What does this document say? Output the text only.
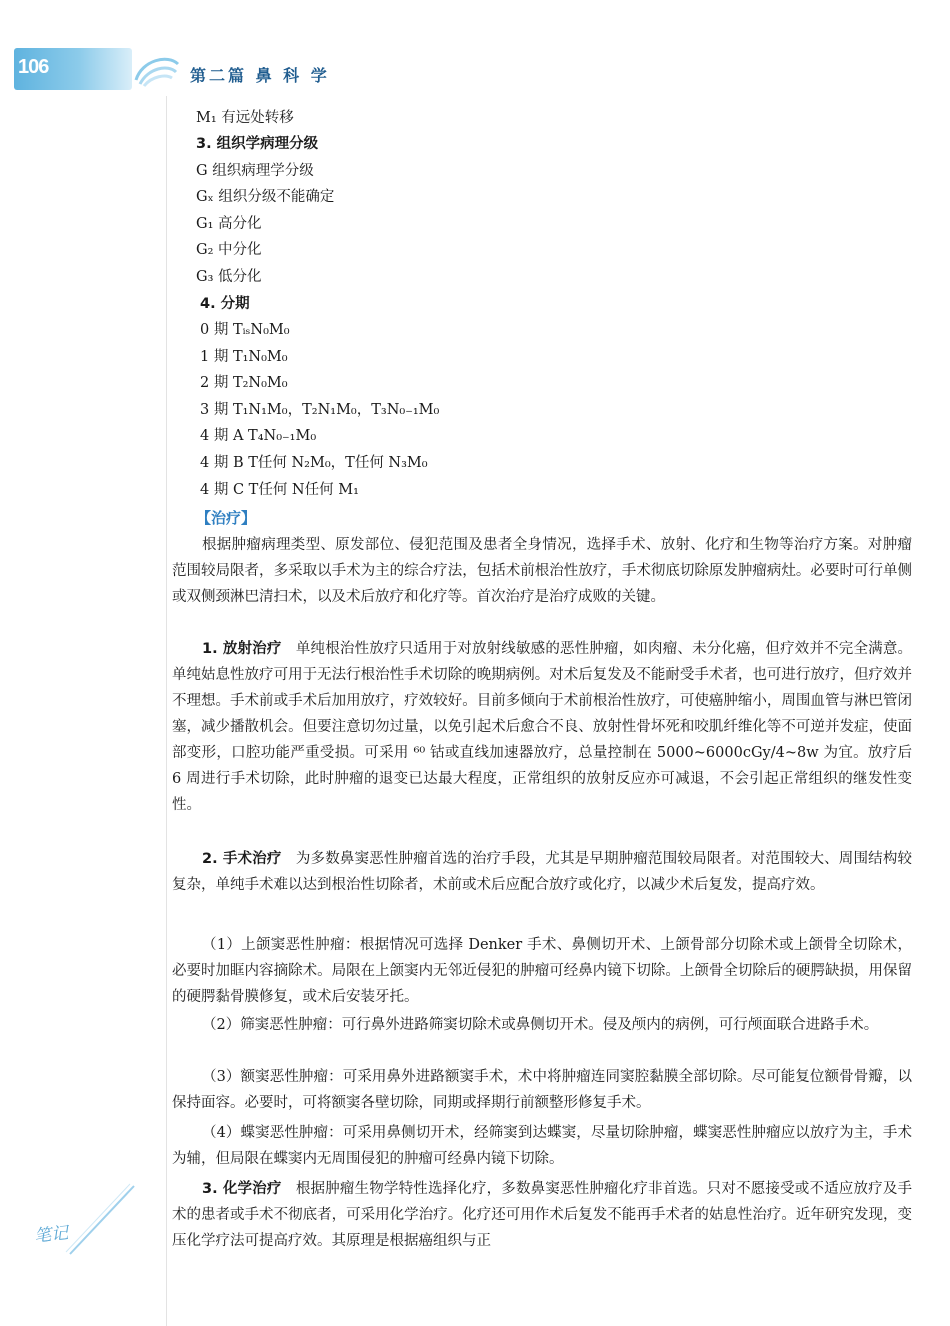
106	第二篇 鼻 科 学
M₁ 有远处转移
3. 组织学病理分级
G 组织病理学分级
Gₓ 组织分级不能确定
G₁ 高分化
G₂ 中分化
G₃ 低分化
4. 分期
0 期 TᵢₛN₀M₀
1 期 T₁N₀M₀
2 期 T₂N₀M₀
3 期 T₁N₁M₀，T₂N₁M₀，T₃N₀₋₁M₀
4 期 A T₄N₀₋₁M₀
4 期 B T任何 N₂M₀，T任何 N₃M₀
4 期 C T任何 N任何 M₁
【治疗】
根据肿瘤病理类型、原发部位、侵犯范围及患者全身情况，选择手术、放射、化疗和生物等治疗方案。对肿瘤范围较局限者，多采取以手术为主的综合疗法，包括术前根治性放疗，手术彻底切除原发肿瘤病灶。必要时可行单侧或双侧颈淋巴清扫术，以及术后放疗和化疗等。首次治疗是治疗成败的关键。
1. 放射治疗 单纯根治性放疗只适用于对放射线敏感的恶性肿瘤，如肉瘤、未分化癌，但疗效并不完全满意。单纯姑息性放疗可用于无法行根治性手术切除的晚期病例。对术后复发及不能耐受手术者，也可进行放疗，但疗效并不理想。手术前或手术后加用放疗，疗效较好。目前多倾向于术前根治性放疗，可使癌肿缩小，周围血管与淋巴管闭塞，减少播散机会。但要注意切勿过量，以免引起术后愈合不良、放射性骨坏死和咬肌纤维化等不可逆并发症，使面部变形，口腔功能严重受损。可采用 ⁶⁰ 钴或直线加速器放疗，总量控制在 5000~6000cGy/4~8w 为宜。放疗后 6 周进行手术切除，此时肿瘤的退变已达最大程度，正常组织的放射反应亦可减退，不会引起正常组织的继发性变性。
2. 手术治疗 为多数鼻窦恶性肿瘤首选的治疗手段，尤其是早期肿瘤范围较局限者。对范围较大、周围结构较复杂，单纯手术难以达到根治性切除者，术前或术后应配合放疗或化疗，以减少术后复发，提高疗效。
（1）上颌窦恶性肿瘤：根据情况可选择 Denker 手术、鼻侧切开术、上颌骨部分切除术或上颌骨全切除术，必要时加眶内容摘除术。局限在上颌窦内无邻近侵犯的肿瘤可经鼻内镜下切除。上颌骨全切除后的硬腭缺损，用保留的硬腭黏骨膜修复，或术后安装牙托。
（2）筛窦恶性肿瘤：可行鼻外进路筛窦切除术或鼻侧切开术。侵及颅内的病例，可行颅面联合进路手术。
（3）额窦恶性肿瘤：可采用鼻外进路额窦手术，术中将肿瘤连同窦腔黏膜全部切除。尽可能复位额骨骨瓣，以保持面容。必要时，可将额窦各壁切除，同期或择期行前额整形修复手术。
（4）蝶窦恶性肿瘤：可采用鼻侧切开术，经筛窦到达蝶窦，尽量切除肿瘤，蝶窦恶性肿瘤应以放疗为主，手术为辅，但局限在蝶窦内无周围侵犯的肿瘤可经鼻内镜下切除。
3. 化学治疗 根据肿瘤生物学特性选择化疗，多数鼻窦恶性肿瘤化疗非首选。只对不愿接受或不适应放疗及手术的患者或手术不彻底者，可采用化学治疗。化疗还可用作术后复发不能再手术者的姑息性治疗。近年研究发现，变压化学疗法可提高疗效。其原理是根据癌组织与正
笔记
